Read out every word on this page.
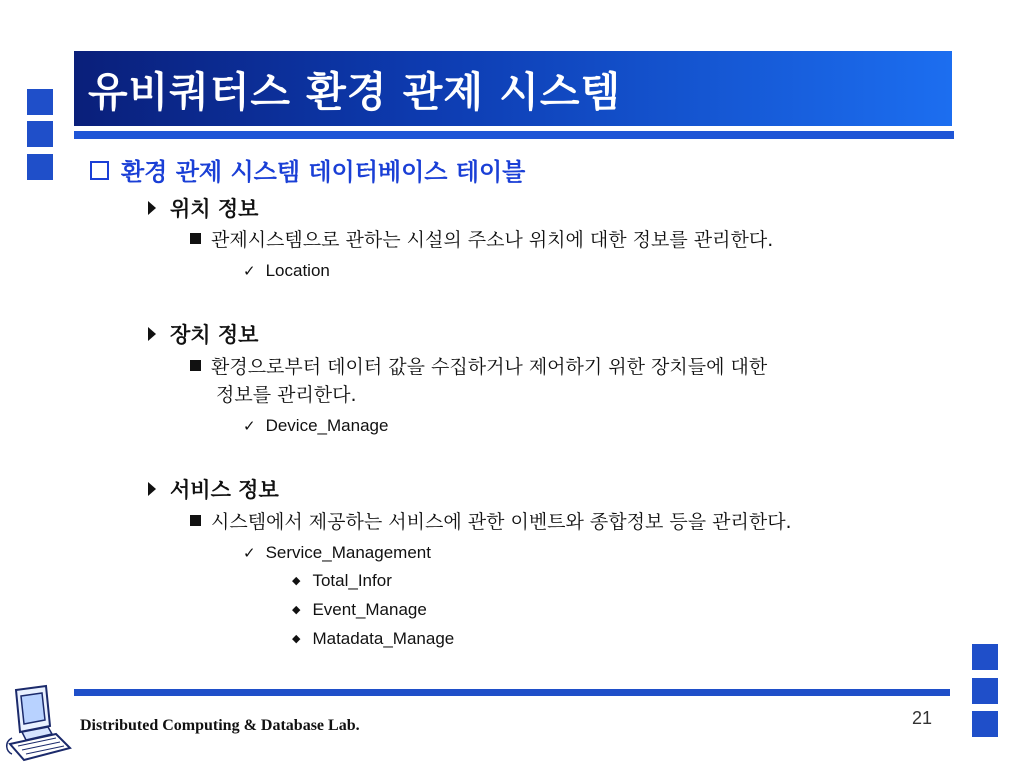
유비쿼터스 환경 관제 시스템
환경 관제 시스템 데이터베이스 테이블
위치 정보
관제시스템으로 관하는 시설의 주소나 위치에 대한 정보를 관리한다.
✓ Location
장치 정보
환경으로부터 데이터 값을 수집하거나 제어하기 위한 장치들에 대한
정보를 관리한다.
✓ Device_Manage
서비스 정보
시스템에서 제공하는 서비스에 관한 이벤트와 종합정보 등을 관리한다.
✓ Service_Management
◆ Total_Infor
◆ Event_Manage
◆ Matadata_Manage
Distributed Computing & Database Lab.	21
